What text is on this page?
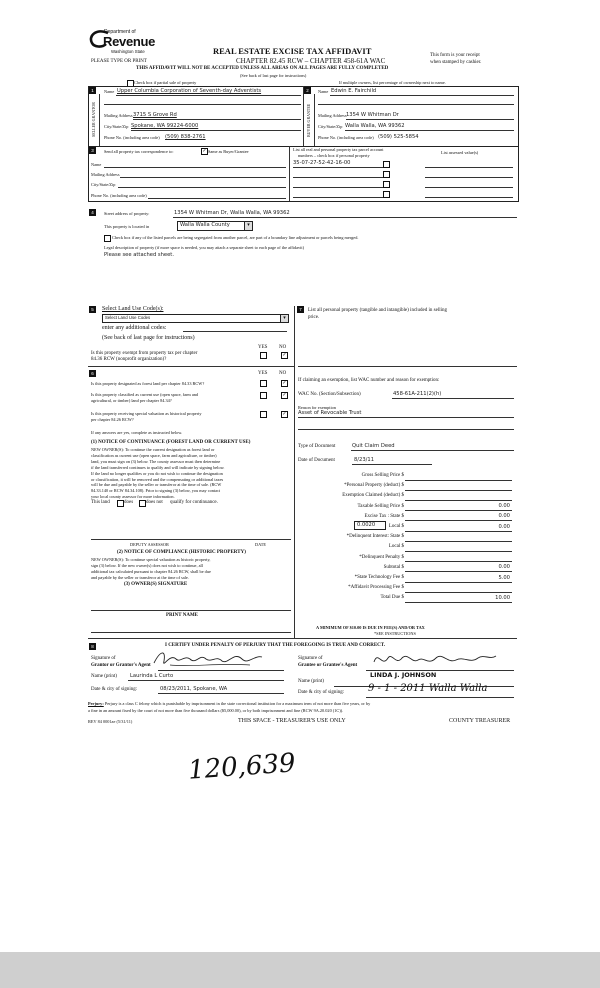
Department of
Revenue
Washington State
PLEASE TYPE OR PRINT
REAL ESTATE EXCISE TAX AFFIDAVIT
CHAPTER 82.45 RCW – CHAPTER 458-61A WAC
THIS AFFIDAVIT WILL NOT BE ACCEPTED UNLESS ALL AREAS ON ALL PAGES ARE FULLY COMPLETED
(See back of last page for instructions)
This form is your receipt
when stamped by cashier.
Check box if partial sale of property	If multiple owners, list percentage of ownership next to name.
1	2
SELLER GRANTOR	BUYER GRANTEE
Name Upper Columbia Corporation of Seventh-day Adventists
Mailing Address 3715 S Grove Rd
City/State/Zip Spokane, WA 99224-6000
Phone No. (including area code) (509) 838-2761
Name Edwin E. Fairchild
Mailing Address 1354 W Whitman Dr
City/State/Zip Walla Walla, WA 99362
Phone No. (including area code) (509) 525-5854
3	Send all property tax correspondence to:
✓	Same as Buyer/Grantee	List all real and personal property tax parcel account
numbers – check box if personal property
List assessed value(s)
35-07-27-52-42-16-00
Name
Mailing Address
City/State/Zip
Phone No. (including area code)
4	Street address of property:	1354 W Whitman Dr, Walla Walla, WA 99362
This property is located in	Walla Walla County	▾
Check box if any of the listed parcels are being segregated from another parcel, are part of a boundary line adjustment or parcels being merged.
Legal description of property (if more space is needed, you may attach a separate sheet to each page of the affidavit)
Please see attached sheet.
5	Select Land Use Code(s):
Select Land Use Codes	▾
enter any additional codes:
(See back of last page for instructions)
YES NO
Is this property exempt from property tax per chapter
84.36 RCW (nonprofit organization)?
✓
6	YES NO
Is this property designated as forest land per chapter 84.33 RCW?
✓
Is this property classified as current use (open space, farm and
agricultural, or timber) land per chapter 84.34?
✓
Is this property receiving special valuation as historical property
per chapter 84.26 RCW?
✓
If any answers are yes, complete as instructed below.
(1) NOTICE OF CONTINUANCE (FOREST LAND OR CURRENT USE)
NEW OWNER(S): To continue the current designation as forest land or
classification as current use (open space, farm and agriculture, or timber)
land, you must sign on (3) below. The county assessor must then determine
if the land transferred continues to qualify and will indicate by signing below.
If the land no longer qualifies or you do not wish to continue the designation
or classification, it will be removed and the compensating or additional taxes
will be due and payable by the seller or transferor at the time of sale. (RCW
84.33.140 or RCW 84.34.108). Prior to signing (3) below, you may contact
your local county assessor for more information.
This land	does	does not qualify for continuance.
DEPUTY ASSESSOR	DATE
(2) NOTICE OF COMPLIANCE (HISTORIC PROPERTY)
NEW OWNER(S): To continue special valuation as historic property,
sign (3) below. If the new owner(s) does not wish to continue, all
additional tax calculated pursuant to chapter 84.26 RCW, shall be due
and payable by the seller or transferor at the time of sale.
(3) OWNER(S) SIGNATURE
PRINT NAME
7	List all personal property (tangible and intangible) included in selling
price.
If claiming an exemption, list WAC number and reason for exemption:
WAC No. (Section/Subsection)	458-61A-211(2)(h)
Reason for exemption
Asset of Revocable Trust
Type of Document	Quit Claim Deed
Date of Document	8/23/11
Gross Selling Price $
*Personal Property (deduct) $
Exemption Claimed (deduct) $
Taxable Selling Price $	0.00
Excise Tax : State $	0.00
Local $	0.00
*Delinquent Interest: State $
Local $
*Delinquent Penalty $
Subtotal $	0.00
*State Technology Fee $	5.00
*Affidavit Processing Fee $
Total Due $	10.00
0.0020
A MINIMUM OF $10.00 IS DUE IN FEE(S) AND/OR TAX
*SEE INSTRUCTIONS
8	I CERTIFY UNDER PENALTY OF PERJURY THAT THE FOREGOING IS TRUE AND CORRECT.
Signature of
Grantor or Grantor's Agent
Name (print)	Laurinda L Curto
Date & city of signing:	08/23/2011, Spokane, WA
Signature of
Grantee or Grantee's Agent
LINDA J. JOHNSON
Name (print)
Date & city of signing: 9 - 1 - 2011 Walla Walla
Perjury: Perjury is a class C felony which is punishable by imprisonment in the state correctional institution for a maximum term of not more than five years, or by
a fine in an amount fixed by the court of not more than five thousand dollars ($5,000.00), or by both imprisonment and fine (RCW 9A.20.020 (1C)).
REV 84 0001ae (5/31/11)	THIS SPACE - TREASURER'S USE ONLY	COUNTY TREASURER
120,639
